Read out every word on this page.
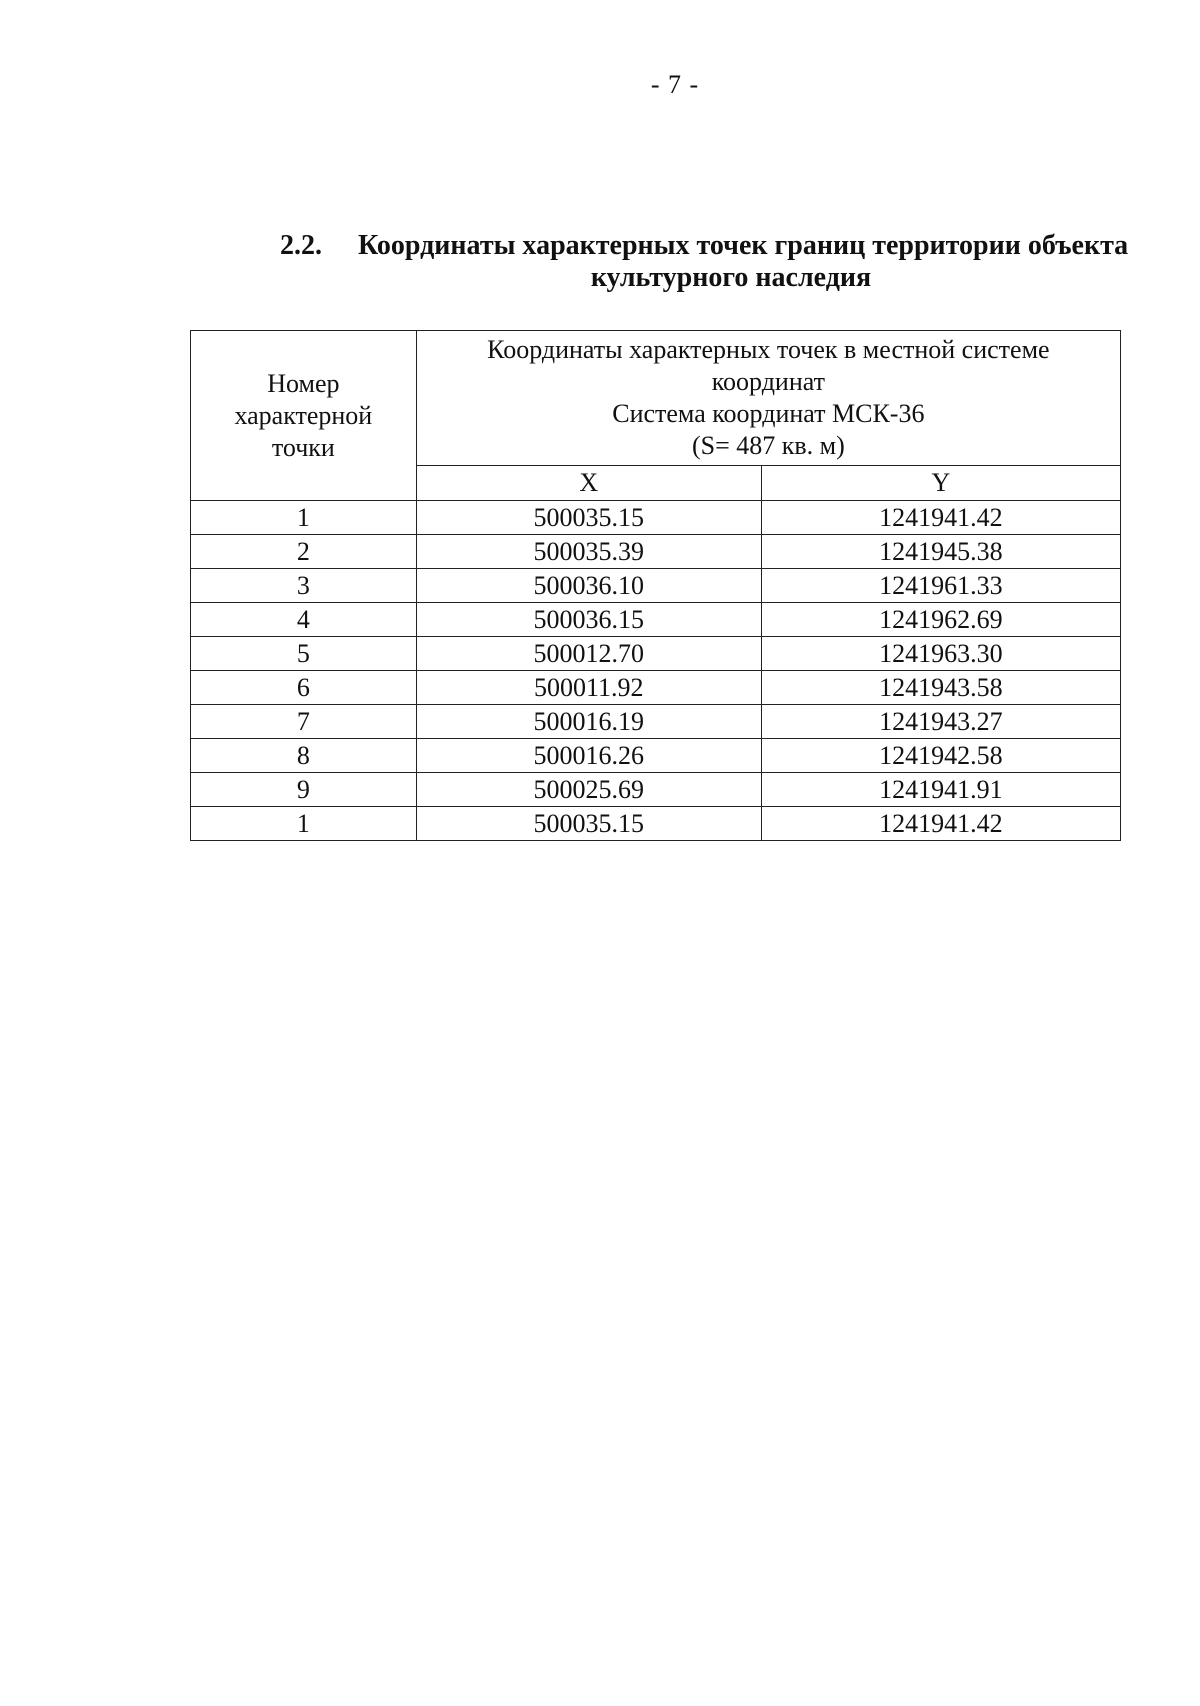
- 7 -
2.2.	Координаты характерных точек границ территории объекта
культурного наследия
Номер
характерной
точки	Координаты характерных точек в местной системе
координат
Система координат МСК-36
(S= 487 кв. м)	

	X	Y
1	500035.15	1241941.42
2	500035.39	1241945.38
3	500036.10	1241961.33
4	500036.15	1241962.69
5	500012.70	1241963.30
6	500011.92	1241943.58
7	500016.19	1241943.27
8	500016.26	1241942.58
9	500025.69	1241941.91
1	500035.15	1241941.42
